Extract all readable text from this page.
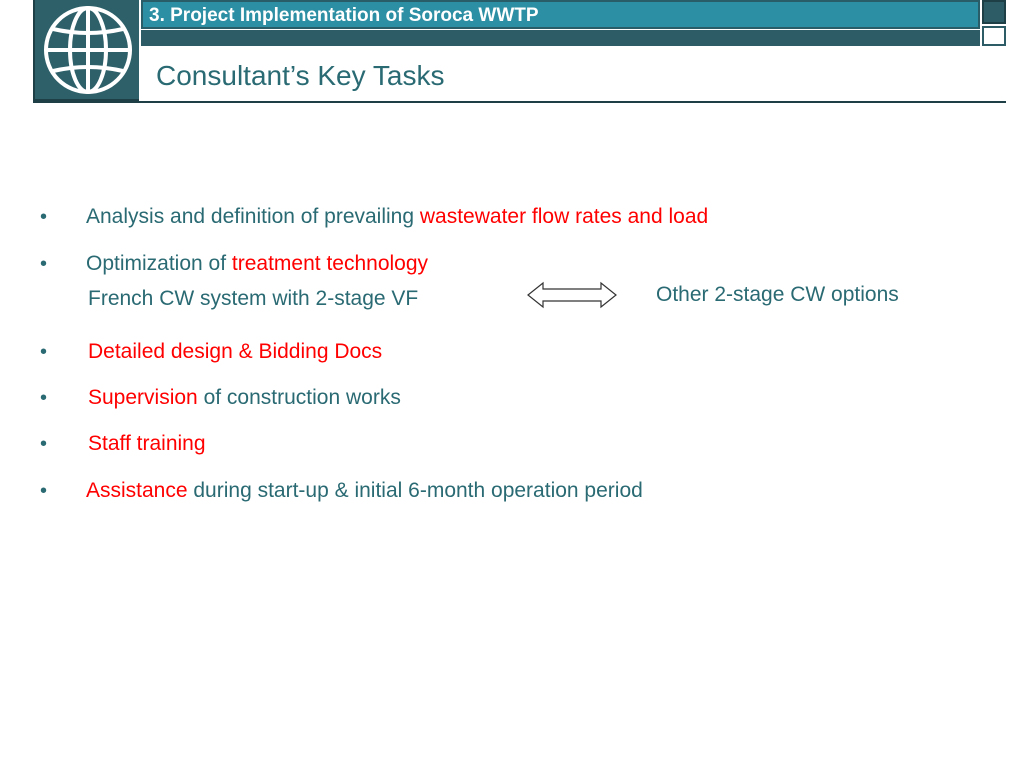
3. Project Implementation of Soroca WWTP
Consultant’s Key Tasks
• Analysis and definition of prevailing wastewater flow rates and load
• Optimization of treatment technology
French CW system with 2-stage VF	Other 2-stage CW options
• Detailed design & Bidding Docs
• Supervision of construction works
• Staff training
• Assistance during start-up & initial 6-month operation period
